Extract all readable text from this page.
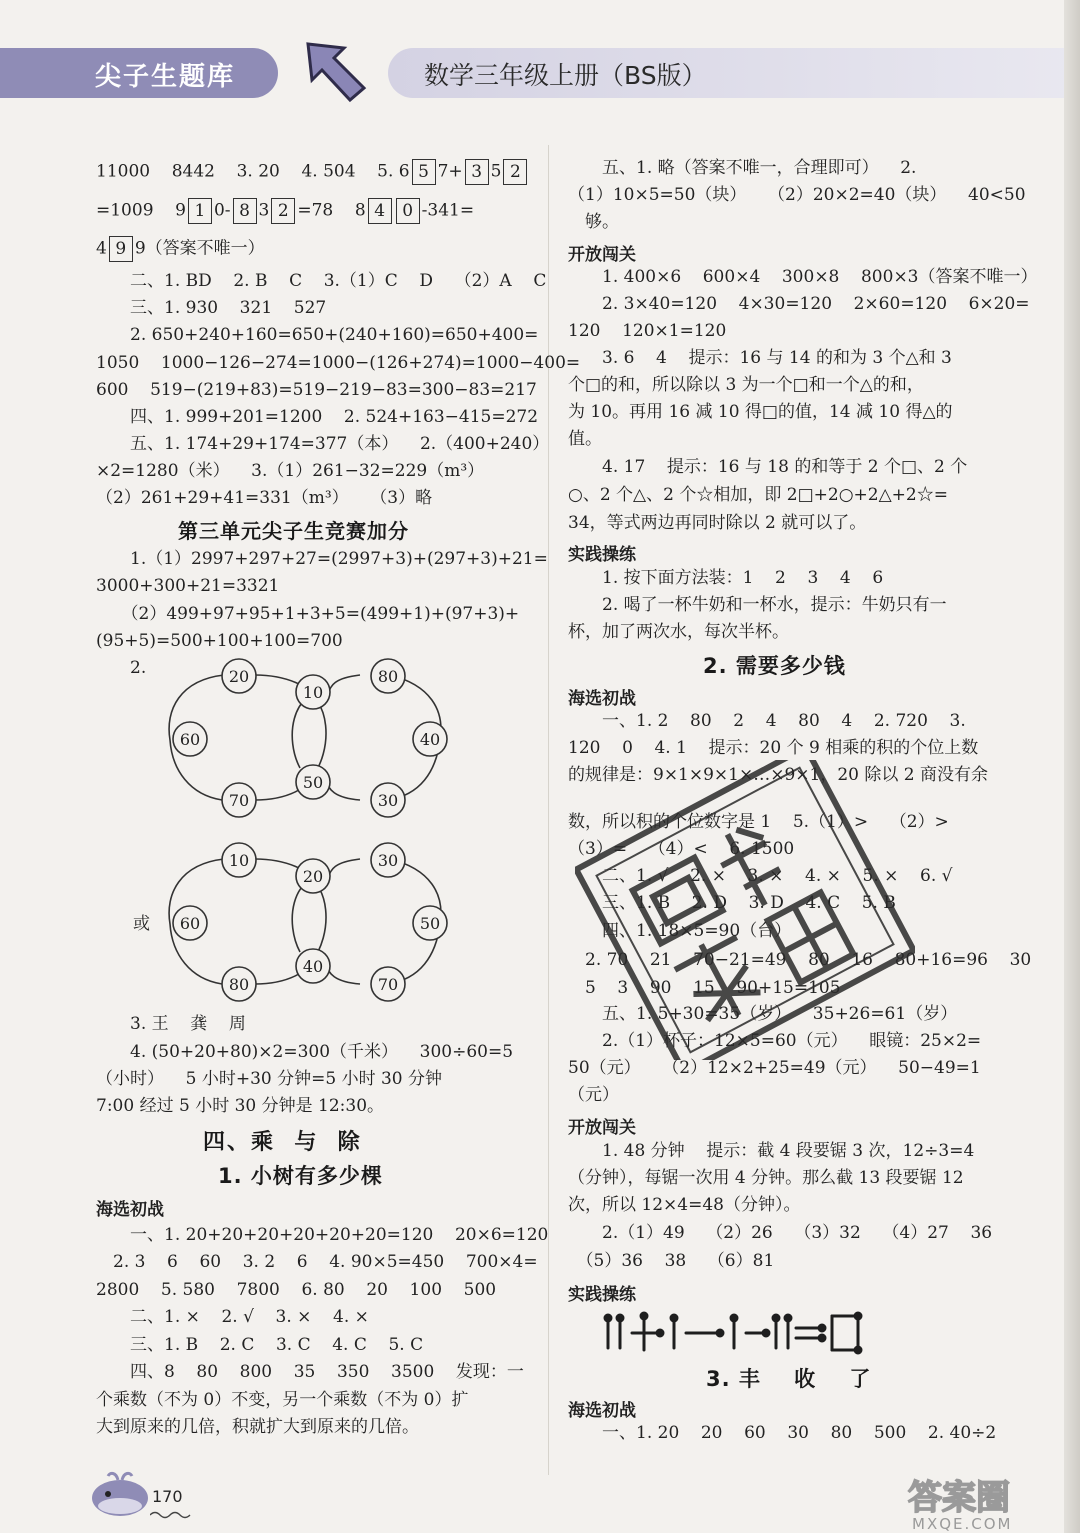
尖子生题库	数学三年级上册（BS版）
11000    8442    3. 20    4. 504    5. 6 5 7+ 3 5 2
=1009    9 1 0- 8 3 2 =78    8 4 0 -341=
4 9 9（答案不唯一）
　　二、1. BD    2. B    C    3.（1）C    D    （2）A    C
　　三、1. 930    321    527
　　2. 650+240+160=650+(240+160)=650+400=
1050    1000−126−274=1000−(126+274)=1000−400=
600    519−(219+83)=519−219−83=300−83=217
　　四、1. 999+201=1200    2. 524+163−415=272
　　五、1. 174+29+174=377（本）    2.（400+240）
×2=1280（米）    3.（1）261−32=229（m³）
（2）261+29+41=331（m³）    （3）略
第三单元尖子生竞赛加分
　　1.（1）2997+297+27=(2997+3)+(297+3)+21=
3000+300+21=3321
　　（2）499+97+95+1+3+5=(499+1)+(97+3)+
(95+5)=500+100+100=700
　　2.	20
10
80
60	40
70
50
30
或
10
20
30
60	50
80
40
70
　　3. 王    龚    周
　　4. (50+20+80)×2=300（千米）    300÷60=5
（小时）    5 小时+30 分钟=5 小时 30 分钟
7:00 经过 5 小时 30 分钟是 12:30。
四、乘  与  除
1. 小树有多少棵
海选初战
　　一、1. 20+20+20+20+20+20=120    20×6=120
　2. 3    6    60    3. 2    6    4. 90×5=450    700×4=
2800    5. 580    7800    6. 80    20    100    500
　　二、1. ×    2. √    3. ×    4. ×
　　三、1. B    2. C    3. C    4. C    5. C
　　四、8    80    800    35    350    3500    发现：一
个乘数（不为 0）不变，另一个乘数（不为 0）扩
大到原来的几倍，积就扩大到原来的几倍。
170
　　五、1. 略（答案不唯一，合理即可）    2.
（1）10×5=50（块）    （2）20×2=40（块）    40<50
　够。
开放闯关
　　1. 400×6    600×4    300×8    800×3（答案不唯一）
　　2. 3×40=120    4×30=120    2×60=120    6×20=
120    120×1=120
　　3. 6    4    提示：16 与 14 的和为 3 个△和 3
个□的和，所以除以 3 为一个□和一个△的和，
为 10。再用 16 减 10 得□的值，14 减 10 得△的
值。
　　4. 17    提示：16 与 18 的和等于 2 个□、2 个
○、2 个△、2 个☆相加，即 2□+2○+2△+2☆=
34，等式两边再同时除以 2 就可以了。
实践操练
　　1. 按下面方法装：1    2    3    4    6
　　2. 喝了一杯牛奶和一杯水，提示：牛奶只有一
杯，加了两次水，每次半杯。
2. 需要多少钱
海选初战
　　一、1. 2    80    2    4    80    4    2. 720    3.
120    0    4. 1    提示：20 个 9 相乘的积的个位上数
的规律是：9×1×9×1×…×9×1，20 除以 2 商没有余
数，所以积的个位数字是 1    5.（1）>    （2）>
（3）=    （4）<    6. 1500
　　二、1. √    2. ×    3. ×    4. ×    5. ×    6. √
　　三、1. B    2. D    3. D    4. C    5. B
　　四、1. 18×5=90（台）
　2. 70    21    70−21=49    80    16    80+16=96    30
　5    3    90    15    90+15=105
　　五、1. 5+30=35（岁）    35+26=61（岁）
　　2.（1）杯子：12×5=60（元）    眼镜：25×2=
50（元）    （2）12×2+25=49（元）    50−49=1
（元）
开放闯关
　　1. 48 分钟    提示：截 4 段要锯 3 次，12÷3=4
（分钟），每锯一次用 4 分钟。那么截 13 段要锯 12
次，所以 12×4=48（分钟）。
　　2.（1）49    （2）26    （3）32    （4）27    36
　（5）36    38    （6）81
实践操练
3. 丰    收    了
海选初战
　　一、1. 20    20    60    30    80    500    2. 40÷2
答案圈
MXQE.COM
